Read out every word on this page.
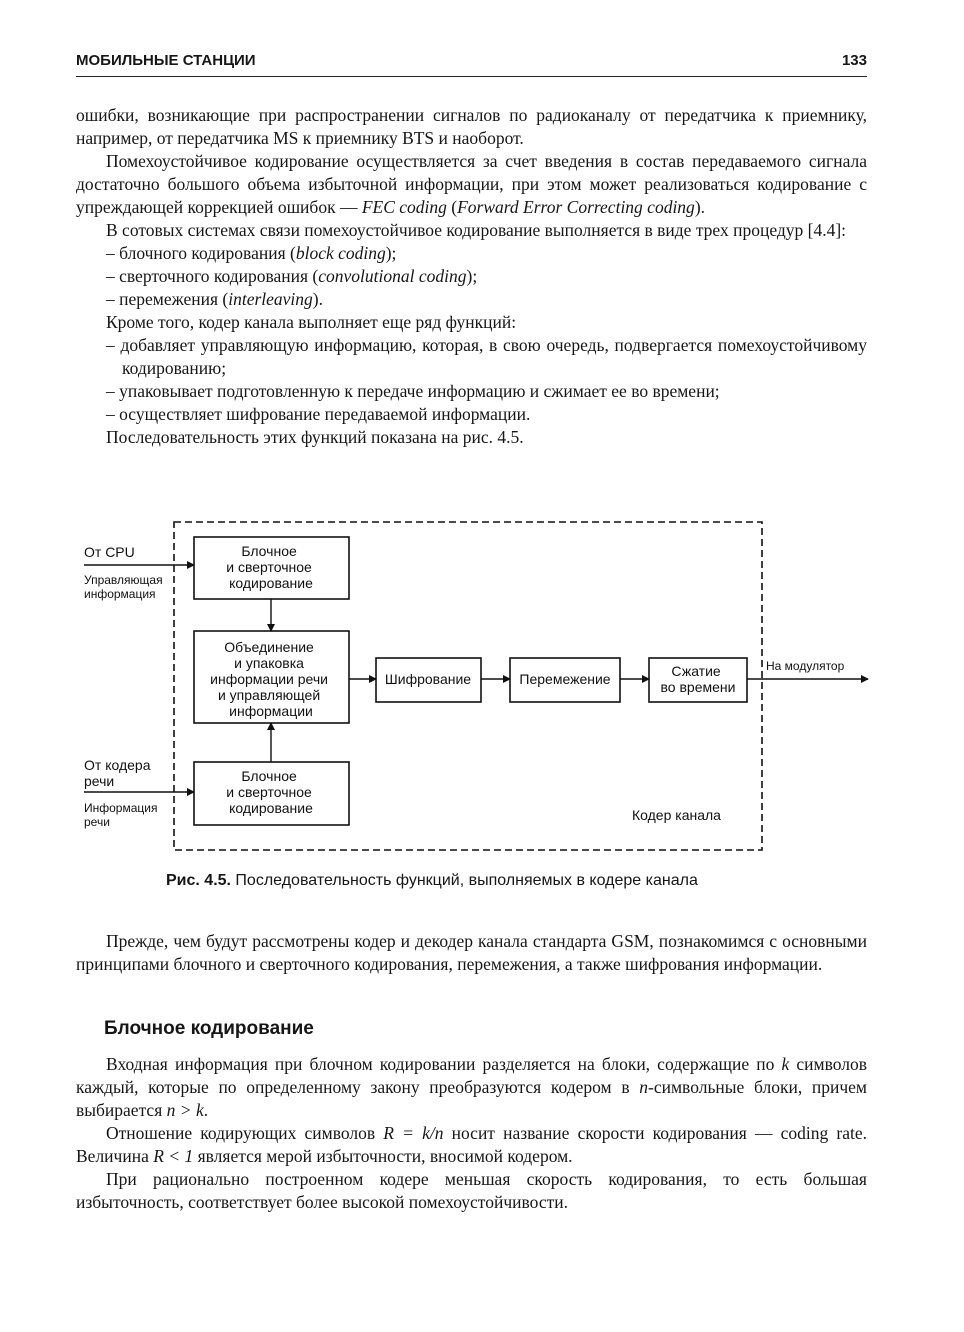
МОБИЛЬНЫЕ СТАНЦИИ	133

ошибки, возникающие при распространении сигналов по радиоканалу от передатчика к приемнику, например, от передатчика MS к приемнику BTS и наоборот.

Помехоустойчивое кодирование осуществляется за счет введения в состав передаваемого сигнала достаточно большого объема избыточной информации, при этом может реализоваться кодирование с упреждающей коррекцией ошибок — FEC coding (Forward Error Correcting coding).

В сотовых системах связи помехоустойчивое кодирование выполняется в виде трех процедур [4.4]:

– блочного кодирования (block coding);

– сверточного кодирования (convolutional coding);

– перемежения (interleaving).

Кроме того, кодер канала выполняет еще ряд функций:

– добавляет управляющую информацию, которая, в свою очередь, подвергается помехоустойчивому кодированию;

– упаковывает подготовленную к передаче информацию и сжимает ее во времени;

– осуществляет шифрование передаваемой информации.

Последовательность этих функций показана на рис. 4.5.

От CPU
Управляющая информация
От кодера речи
Информация речи
Блочное и сверточное кодирование
Объединение и упаковка информации речи и управляющей информации
Блочное и сверточное кодирование
Шифрование	Перемежение	Сжатие во времени
На модулятор
Кодер канала
Рис. 4.5. Последовательность функций, выполняемых в кодере канала

Прежде, чем будут рассмотрены кодер и декодер канала стандарта GSM, познакомимся с основными принципами блочного и сверточного кодирования, перемежения, а также шифрования информации.

Блочное кодирование

Входная информация при блочном кодировании разделяется на блоки, содержащие по k символов каждый, которые по определенному закону преобразуются кодером в n-символьные блоки, причем выбирается n > k.

Отношение кодирующих символов R = k/n носит название скорости кодирования — coding rate. Величина R < 1 является мерой избыточности, вносимой кодером.

При рационально построенном кодере меньшая скорость кодирования, то есть большая избыточность, соответствует более высокой помехоустойчивости.
